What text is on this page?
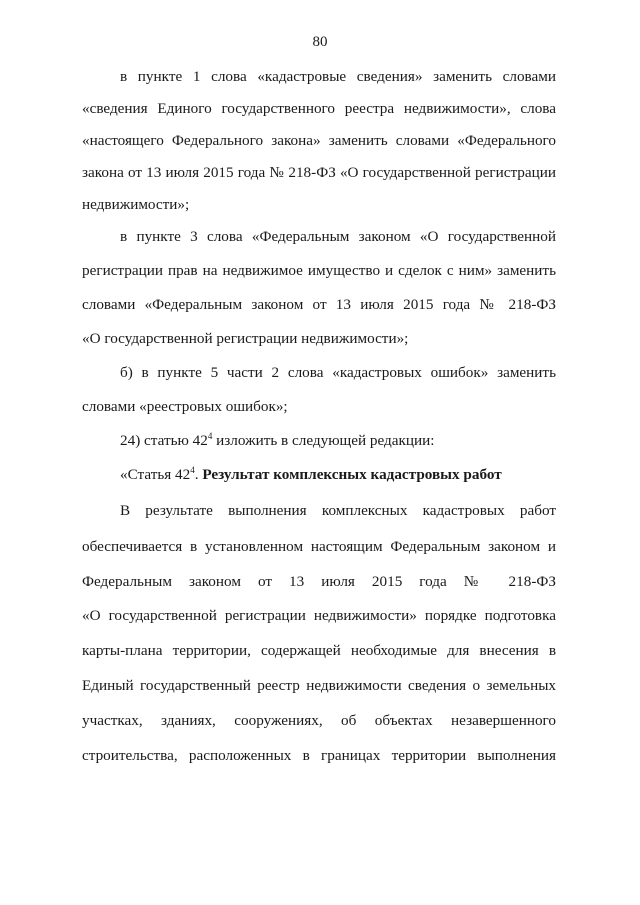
80
в пункте 1 слова «кадастровые сведения» заменить словами
«сведения Единого государственного реестра недвижимости», слова
«настоящего Федерального закона» заменить словами «Федерального
закона от 13 июля 2015 года № 218-ФЗ «О государственной регистрации
недвижимости»;
в пункте 3 слова «Федеральным законом «О государственной
регистрации прав на недвижимое имущество и сделок с ним» заменить
словами «Федеральным законом от 13 июля 2015 года № 218-ФЗ
«О государственной регистрации недвижимости»;
б) в пункте 5 части 2 слова «кадастровых ошибок» заменить
словами «реестровых ошибок»;
24) статью $42^4$ изложить в следующей редакции:
«Статья $42^4$. Результат комплексных кадастровых работ
В результате выполнения комплексных кадастровых работ
обеспечивается в установленном настоящим Федеральным законом и
Федеральным законом от 13 июля 2015 года № 218-ФЗ
«О государственной регистрации недвижимости» порядке подготовка
карты-плана территории, содержащей необходимые для внесения в
Единый государственный реестр недвижимости сведения о земельных
участках, зданиях, сооружениях, об объектах незавершенного
строительства, расположенных в границах территории выполнения
